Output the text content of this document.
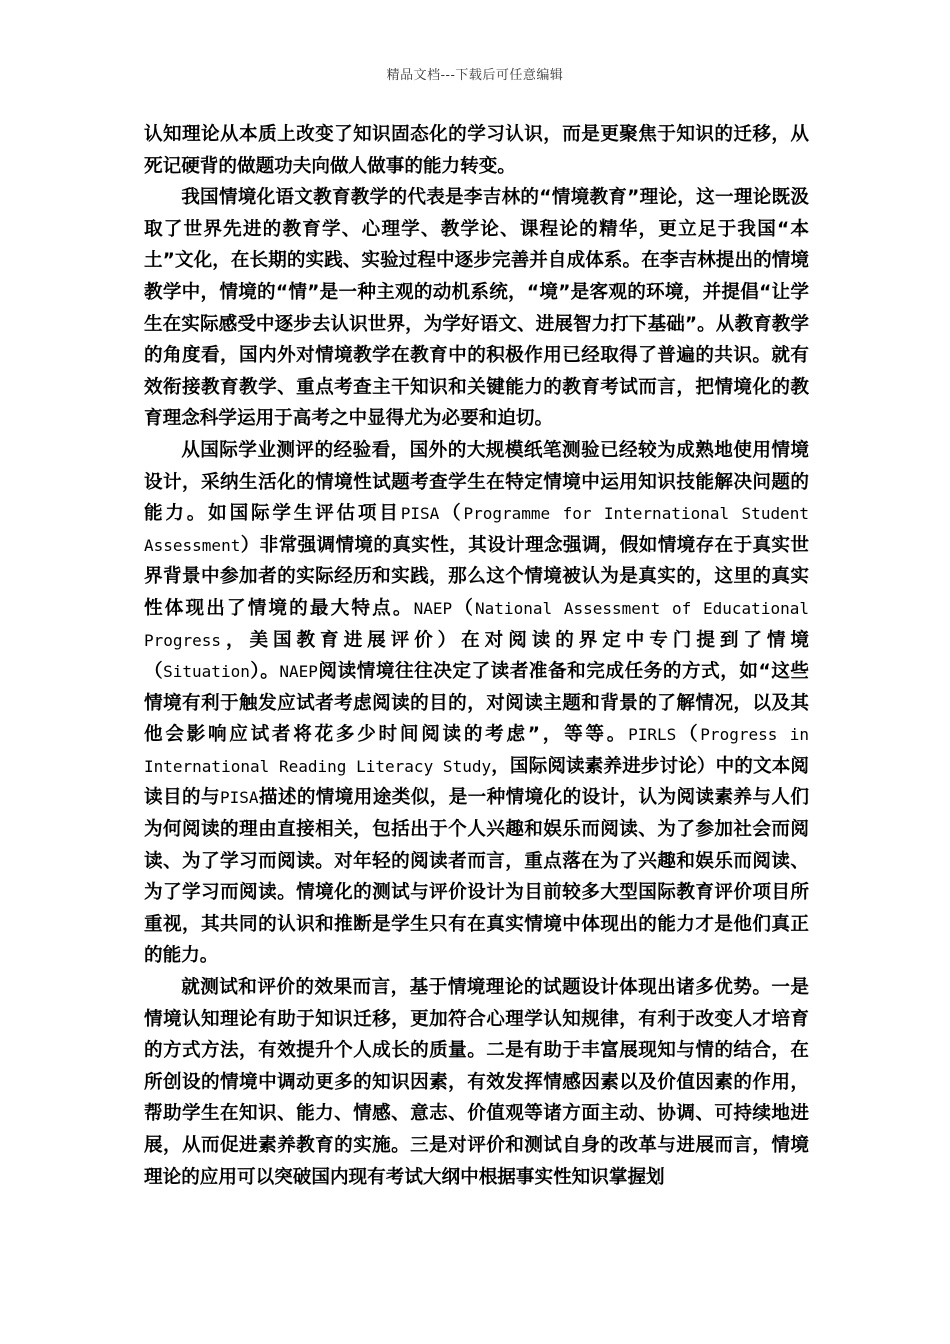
精品文档---下载后可任意编辑

认知理论从本质上改变了知识固态化的学习认识，而是更聚焦于知识的迁移，从死记硬背的做题功夫向做人做事的能力转变。

我国情境化语文教育教学的代表是李吉林的“情境教育”理论，这一理论既汲取了世界先进的教育学、心理学、教学论、课程论的精华，更立足于我国“本土”文化，在长期的实践、实验过程中逐步完善并自成体系。在李吉林提出的情境教学中，情境的“情”是一种主观的动机系统，“境”是客观的环境，并提倡“让学生在实际感受中逐步去认识世界，为学好语文、进展智力打下基础”。从教育教学的角度看，国内外对情境教学在教育中的积极作用已经取得了普遍的共识。就有效衔接教育教学、重点考查主干知识和关键能力的教育考试而言，把情境化的教育理念科学运用于高考之中显得尤为必要和迫切。

从国际学业测评的经验看，国外的大规模纸笔测验已经较为成熟地使用情境设计，采纳生活化的情境性试题考查学生在特定情境中运用知识技能解决问题的能力。如国际学生评估项目PISA（Programme for International Student Assessment）非常强调情境的真实性，其设计理念强调，假如情境存在于真实世界背景中参加者的实际经历和实践，那么这个情境被认为是真实的，这里的真实性体现出了情境的最大特点。NAEP（National Assessment of Educational Progress，美国教育进展评价）在对阅读的界定中专门提到了情境（Situation）。NAEP阅读情境往往决定了读者准备和完成任务的方式，如“这些情境有利于触发应试者考虑阅读的目的，对阅读主题和背景的了解情况，以及其他会影响应试者将花多少时间阅读的考虑”，等等。PIRLS（Progress in International Reading Literacy Study，国际阅读素养进步讨论）中的文本阅读目的与PISA描述的情境用途类似，是一种情境化的设计，认为阅读素养与人们为何阅读的理由直接相关，包括出于个人兴趣和娱乐而阅读、为了参加社会而阅读、为了学习而阅读。对年轻的阅读者而言，重点落在为了兴趣和娱乐而阅读、为了学习而阅读。情境化的测试与评价设计为目前较多大型国际教育评价项目所重视，其共同的认识和推断是学生只有在真实情境中体现出的能力才是他们真正的能力。

就测试和评价的效果而言，基于情境理论的试题设计体现出诸多优势。一是情境认知理论有助于知识迁移，更加符合心理学认知规律，有利于改变人才培育的方式方法，有效提升个人成长的质量。二是有助于丰富展现知与情的结合，在所创设的情境中调动更多的知识因素，有效发挥情感因素以及价值因素的作用，帮助学生在知识、能力、情感、意志、价值观等诸方面主动、协调、可持续地进展，从而促进素养教育的实施。三是对评价和测试自身的改革与进展而言，情境理论的应用可以突破国内现有考试大纲中根据事实性知识掌握划
